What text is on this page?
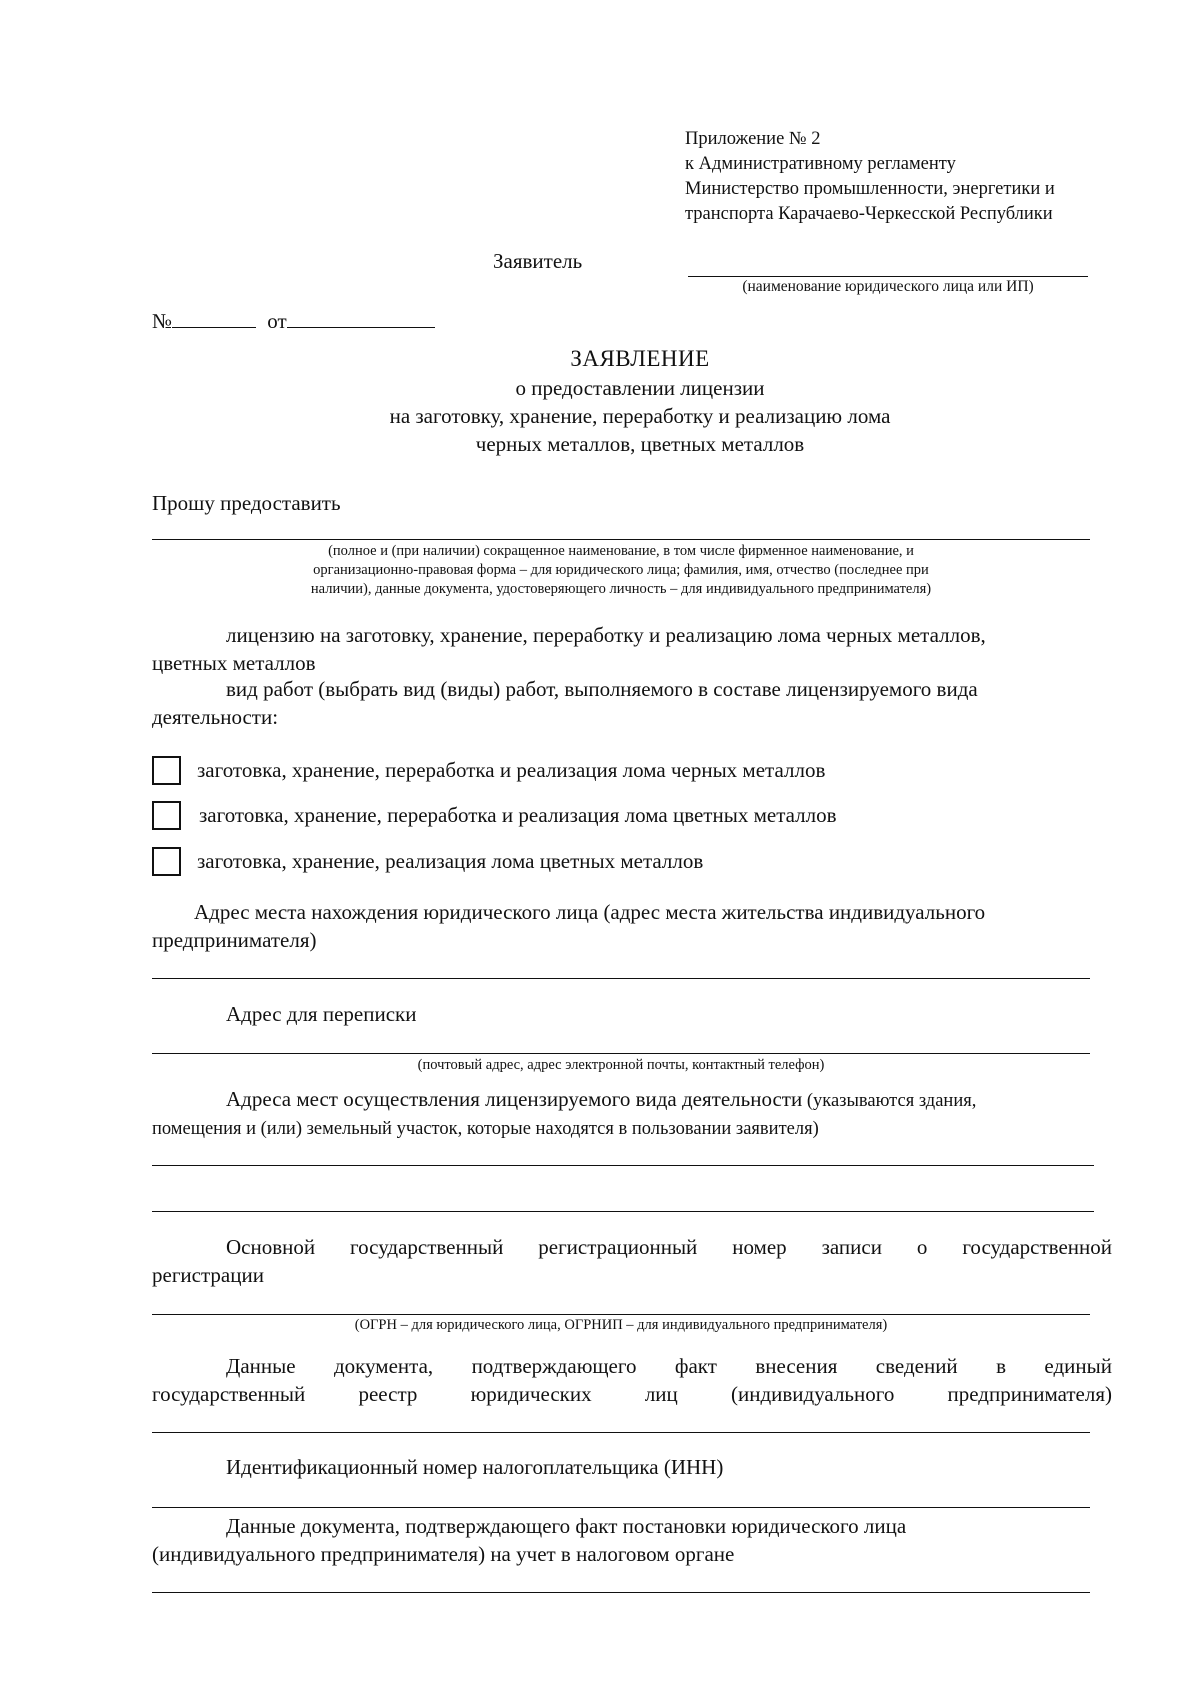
Приложение № 2
к Административному регламенту
Министерство промышленности, энергетики и
транспорта Карачаево-Черкесской Республики
Заявитель
(наименование юридического лица или ИП)
№	от
ЗАЯВЛЕНИЕ
о предоставлении лицензии
на заготовку, хранение, переработку и реализацию лома
черных металлов, цветных металлов
Прошу предоставить
(полное и (при наличии) сокращенное наименование, в том числе фирменное наименование, и
организационно-правовая форма – для юридического лица; фамилия, имя, отчество (последнее при
наличии), данные документа, удостоверяющего личность – для индивидуального предпринимателя)
лицензию на заготовку, хранение, переработку и реализацию лома черных металлов,
цветных металлов
вид работ (выбрать вид (виды) работ, выполняемого в составе лицензируемого вида
деятельности:
заготовка, хранение, переработка и реализация лома черных металлов
заготовка, хранение, переработка и реализация лома цветных металлов
заготовка, хранение, реализация лома цветных металлов
Адрес места нахождения юридического лица (адрес места жительства индивидуального
предпринимателя)
Адрес для переписки
(почтовый адрес, адрес электронной почты, контактный телефон)
Адреса мест осуществления лицензируемого вида деятельности (указываются здания,
помещения и (или) земельный участок, которые находятся в пользовании заявителя)
Основной государственный регистрационный номер записи о государственной
регистрации
(ОГРН – для юридического лица, ОГРНИП – для индивидуального предпринимателя)
Данные документа, подтверждающего факт внесения сведений в единый
государственный реестр юридических лиц (индивидуального предпринимателя)
Идентификационный номер налогоплательщика (ИНН)
Данные документа, подтверждающего факт постановки юридического лица
(индивидуального предпринимателя) на учет в налоговом органе
